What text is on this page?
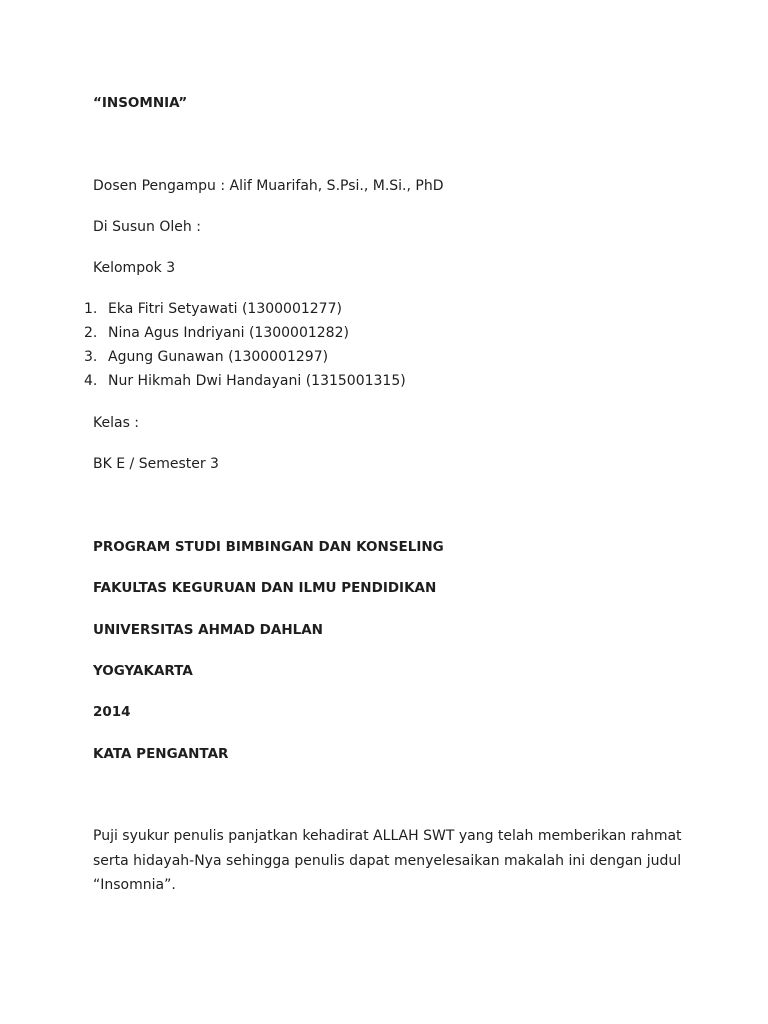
“INSOMNIA”
Dosen Pengampu : Alif Muarifah, S.Psi., M.Si., PhD
Di Susun Oleh :
Kelompok 3
1. Eka Fitri Setyawati (1300001277)
2. Nina Agus Indriyani (1300001282)
3. Agung Gunawan (1300001297)
4. Nur Hikmah Dwi Handayani (1315001315)
Kelas :
BK E / Semester 3
PROGRAM STUDI BIMBINGAN DAN KONSELING
FAKULTAS KEGURUAN DAN ILMU PENDIDIKAN
UNIVERSITAS AHMAD DAHLAN
YOGYAKARTA
2014
KATA PENGANTAR
Puji syukur penulis panjatkan kehadirat ALLAH SWT yang telah memberikan rahmat serta hidayah-Nya sehingga penulis dapat menyelesaikan makalah ini dengan judul “Insomnia”.
